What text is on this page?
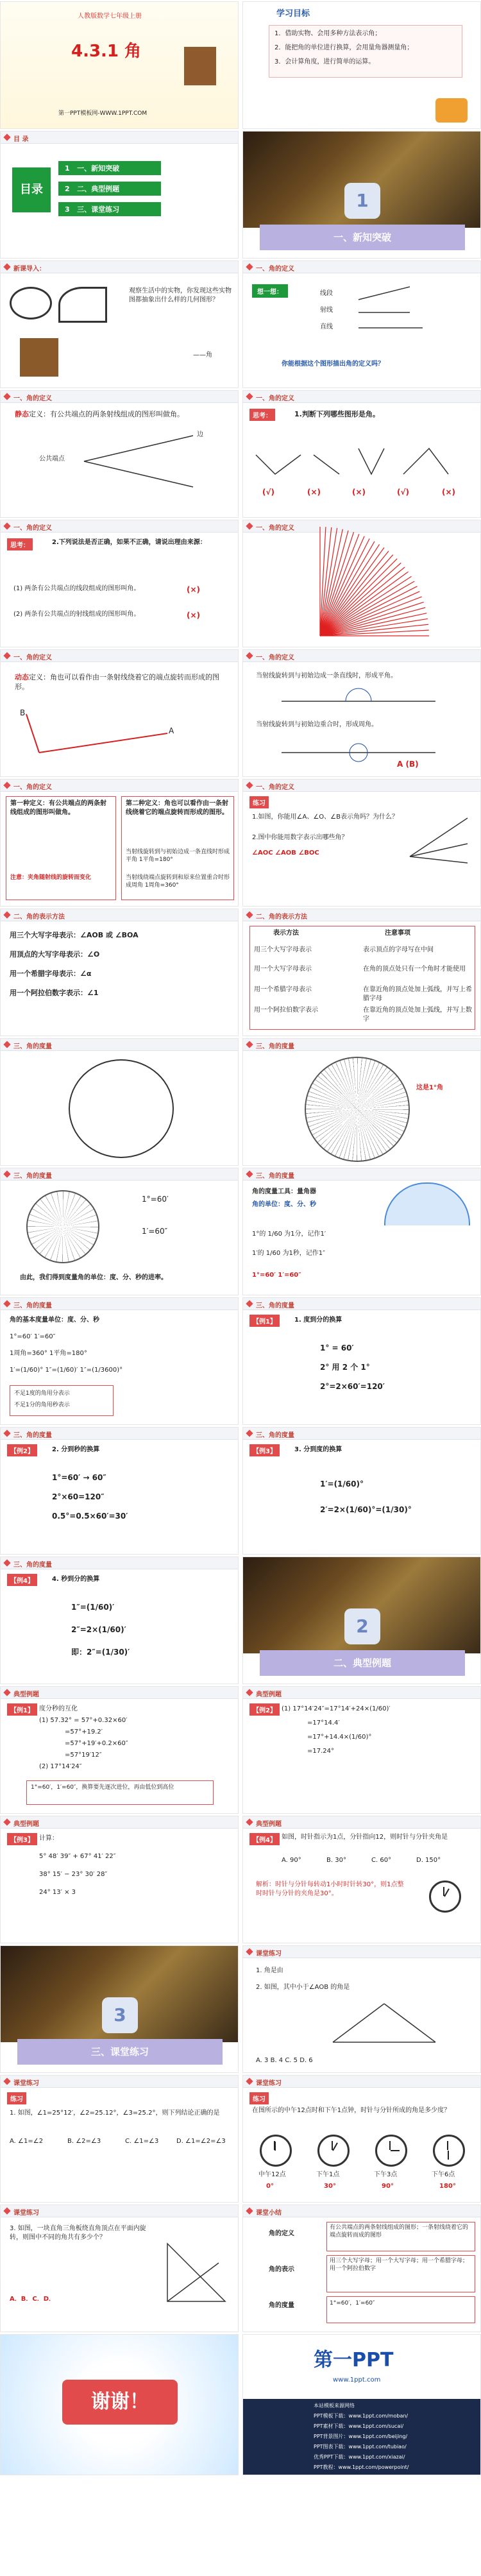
人教版数学七年级上册
4.3.1 角
第一PPT模板网-WWW.1PPT.COM
学习目标
1．借助实物、会用多种方法表示角；
2．能把角的单位进行换算，会用量角器测量角；
3．会计算角度，进行简单的运算。
目 录
目录
1 一、新知突破
2 二、典型例题
3 三、课堂练习	1
一、新知突破
新课导入：
观察生活中的实物，你发现这些实物图都抽象出什么样的几何图形？
——角
一、角的定义
想一想：	线段
射线
直线
你能根据这个图形描出角的定义吗？
一、角的定义
静态定义：有公共端点的两条射线组成的图形叫做角。
公共端点
边
一、角的定义
思考：	1.判断下列哪些图形是角。
(√)	(×)	(×)	(√)	(×)
一、角的定义
思考：	2.下列说法是否正确，如果不正确，请说出理由来源：
(1) 两条有公共端点的线段组成的图形叫角。	(×)
(2) 两条有公共端点的射线组成的图形叫角。	(×)
一、角的定义
一、角的定义
动态定义：角也可以看作由一条射线绕着它的端点旋转而形成的图形。
B
A
一、角的定义
当射线旋转到与初始边成一条直线时，形成平角。
当射线旋转到与初始边重合时，形成周角。
A (B)
一、角的定义
第一种定义：有公共端点的两条射线组成的图形叫做角。
注意：夹角随射线的旋转而变化
第二种定义：角也可以看作由一条射线绕着它的端点旋转而形成的图形。
当射线旋转到与初始边成一条直线时形成平角 1平角=180°
当射线绕端点旋转到和原来位置重合时形成周角 1周角=360°
一、角的定义
练习
1.如图，你能用∠A、∠O、∠B表示角吗？为什么？
2.图中你能用数字表示出哪些角？
∠AOC ∠AOB ∠BOC
二、角的表示方法
用三个大写字母表示：∠AOB 或 ∠BOA
用顶点的大写字母表示：∠O
用一个希腊字母表示：∠α
用一个阿拉伯数字表示：∠1
二、角的表示方法
表示方法	注意事项
用三个大写字母表示	表示顶点的字母写在中间
用一个大写字母表示	在角的顶点处只有一个角时才能使用
用一个希腊字母表示	在靠近角的顶点处加上弧线，并写上希腊字母
用一个阿拉伯数字表示	在靠近角的顶点处加上弧线，并写上数字
三、角的度量	三、角的度量
这是1°角
三、角的度量
1°=60′
1′=60″
由此，我们得到度量角的单位：度、分、秒的进率。
三、角的度量
角的度量工具：量角器
角的单位：度、分、秒
1°的 1/60 为1分，记作1′
1′的 1/60 为1秒，记作1″
1°=60′ 1′=60″
三、角的度量
角的基本度量单位：度、分、秒
1°=60′ 1′=60″
1周角=360° 1平角=180°
1′=(1/60)° 1″=(1/60)′ 1″=(1/3600)°
不足1度的角用分表示
不足1分的角用秒表示
三、角的度量
【例1】	1. 度到分的换算
1° = 60′
2° 用 2 个 1°
2°=2×60′=120′
三、角的度量
【例2】	2. 分到秒的换算
1°=60′ → 60″
2°×60=120″
0.5°=0.5×60′=30′
三、角的度量
【例3】	3. 分到度的换算
1′=(1/60)°
2′=2×(1/60)°=(1/30)°
三、角的度量
【例4】	4. 秒到分的换算
1″=(1/60)′
2″=2×(1/60)′
即：2″=(1/30)′
2
二、典型例题
典型例题
【例1】 度分秒的互化
(1) 57.32° = 57°+0.32×60′
=57°+19.2′
=57°+19′+0.2×60″
=57°19′12″
(2) 17°14′24″
1°=60′，1′=60″，换算要先逐次进位，再由低位到高位
典型例题
【例2】 (1) 17°14′24″=17°14′+24×(1/60)′
=17°14.4′
=17°+14.4×(1/60)°
=17.24°
典型例题
【例3】 计算：
5° 48′ 39″ + 67° 41′ 22″
38° 15′ − 23° 30′ 28″
24° 13′ × 3
典型例题
【例4】 如图，时针指示为1点，分针指向12，则时针与分针夹角是
A. 90°	B. 30°	C. 60°	D. 150°
解析：时针与分针每转动1小时时针转30°，则1点整时时针与分针的夹角是30°。
3
三、课堂练习
课堂练习
1. 角是由
2. 如图，其中小于∠AOB 的角是
A. 3 B. 4 C. 5 D. 6
课堂练习
练习
1. 如图，∠1=25°12′，∠2=25.12°，∠3=25.2°，则下列结论正确的是
A. ∠1=∠2	B. ∠2=∠3	C. ∠1=∠3	D. ∠1=∠2=∠3
课堂练习
练习
在图所示的中午12点时和下午1点钟，时针与分针所成的角是多少度？
中午12点	下午1点	下午3点	下午6点
0°	30°	90°	180°
课堂练习
3. 如图，一块直角三角板绕直角顶点在平面内旋转，则图中不同的角共有多少个？
A．B．C．D．
课堂小结
角的定义
角的表示
角的度量
有公共端点的两条射线组成的图形；一条射线绕着它的端点旋转而成的图形
用三个大写字母；用一个大写字母；用一个希腊字母；用一个阿拉伯数字
1°=60′，1′=60″
谢谢！
第一PPT
www.1ppt.com
本站模板来源网络
PPT模板下载：www.1ppt.com/moban/
PPT素材下载：www.1ppt.com/sucai/
PPT背景图片：www.1ppt.com/beijing/
PPT图表下载：www.1ppt.com/tubiao/
优秀PPT下载：www.1ppt.com/xiazai/
PPT教程：www.1ppt.com/powerpoint/
